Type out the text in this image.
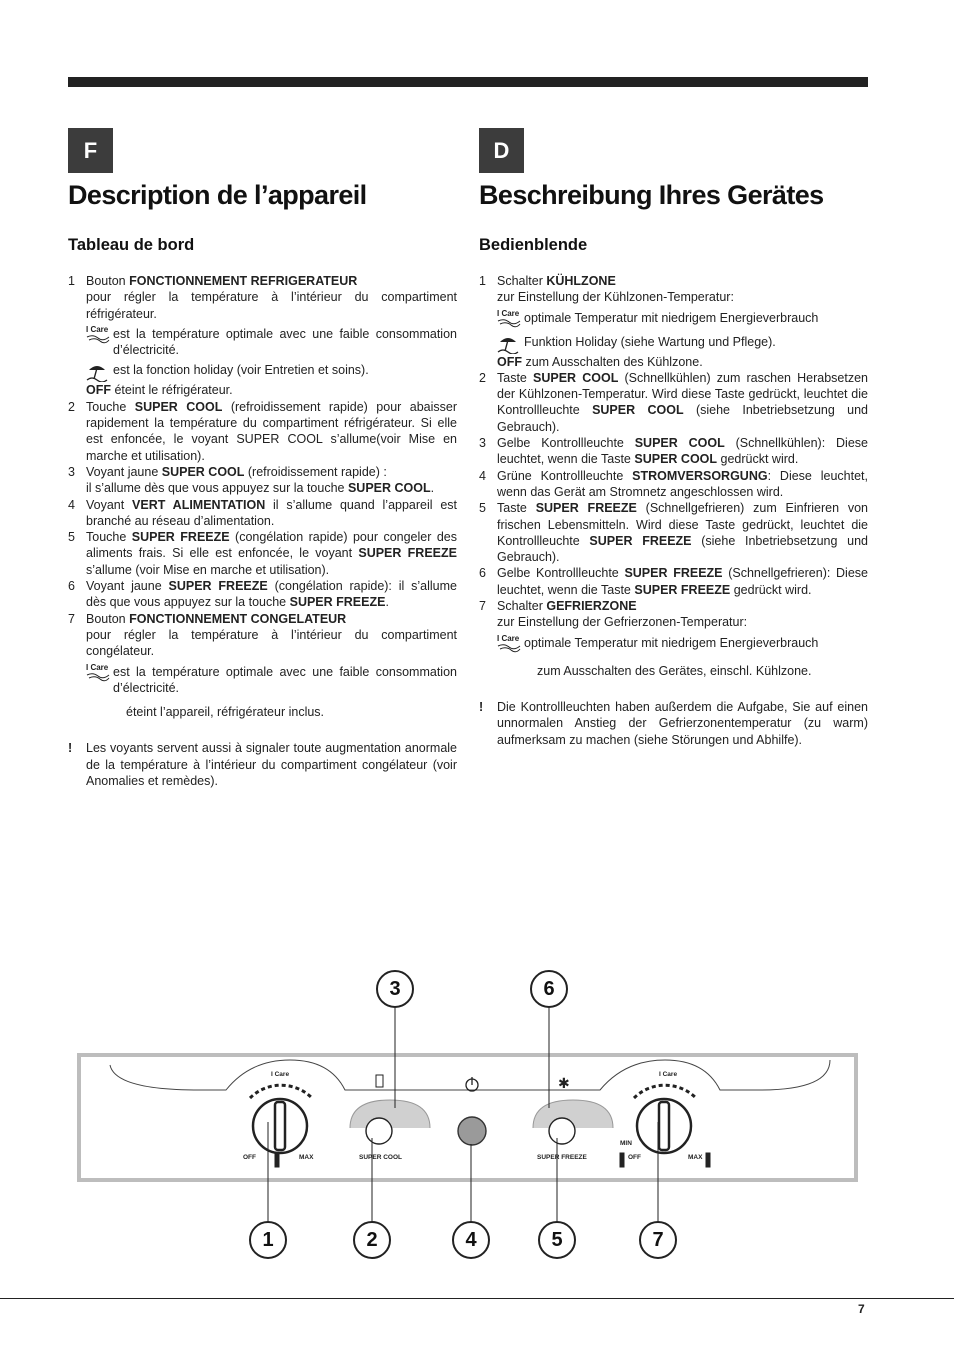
F
Description de l’appareil
Tableau de bord
D
Beschreibung Ihres Gerätes
Bedienblende
1 Bouton FONCTIONNEMENT REFRIGERATEUR
pour régler la température à l’intérieur du compartiment réfrigérateur.
I Care est la température optimale avec une faible consommation d’électricité.
est la fonction holiday (voir Entretien et soins).
OFF éteint le réfrigérateur.
2 Touche SUPER COOL (refroidissement rapide) pour abaisser rapidement la température du compartiment réfrigérateur. Si elle est enfoncée, le voyant SUPER COOL s’allume(voir Mise en marche et utilisation).
3 Voyant jaune SUPER COOL (refroidissement rapide) :
il s’allume dès que vous appuyez sur la touche SUPER COOL.
4 Voyant VERT ALIMENTATION il s’allume quand l’appareil est branché au réseau d’alimentation.
5 Touche SUPER FREEZE (congélation rapide) pour congeler des aliments frais. Si elle est enfoncée, le voyant SUPER FREEZE s’allume (voir Mise en marche et utilisation).
6 Voyant jaune SUPER FREEZE (congélation rapide): il s’allume dès que vous appuyez sur la touche SUPER FREEZE.
7 Bouton FONCTIONNEMENT CONGELATEUR
pour régler la température à l’intérieur du compartiment congélateur.
I Care est la température optimale avec une faible consommation d’électricité.
éteint l’appareil, réfrigérateur inclus.
! Les voyants servent aussi à signaler toute augmentation anormale de la température à l’intérieur du compartiment congélateur (voir Anomalies et remèdes).
1 Schalter KÜHLZONE
zur Einstellung der Kühlzonen-Temperatur:
I Care optimale Temperatur mit niedrigem Energieverbrauch
Funktion Holiday (siehe Wartung und Pflege).
OFF zum Ausschalten des Kühlzone.
2 Taste SUPER COOL (Schnellkühlen) zum raschen Herabsetzen der Kühlzonen-Temperatur. Wird diese Taste gedrückt, leuchtet die Kontrollleuchte SUPER COOL (siehe Inbetriebsetzung und Gebrauch).
3 Gelbe Kontrollleuchte SUPER COOL (Schnellkühlen): Diese leuchtet, wenn die Taste SUPER COOL gedrückt wird.
4 Grüne Kontrollleuchte STROMVERSORGUNG: Diese leuchtet, wenn das Gerät am Stromnetz angeschlossen wird.
5 Taste SUPER FREEZE (Schnellgefrieren) zum Einfrieren von frischen Lebensmitteln. Wird diese Taste gedrückt, leuchtet die Kontrollleuchte SUPER FREEZE (siehe Inbetriebsetzung und Gebrauch).
6 Gelbe Kontrollleuchte SUPER FREEZE (Schnellgefrieren): Diese leuchtet, wenn die Taste SUPER FREEZE gedrückt wird.
7 Schalter GEFRIERZONE
zur Einstellung der Gefrierzonen-Temperatur:
I Care optimale Temperatur mit niedrigem Energieverbrauch
zum Ausschalten des Gerätes, einschl. Kühlzone.
! Die Kontrollleuchten haben außerdem die Aufgabe, Sie auf einen unnormalen Anstieg der Gefrierzonentemperatur (zu warm) aufmerksam zu machen (siehe Störungen und Abhilfe).
✱
3	6
1	2	4	5	7
I Care	I Care
OFF	MAX	SUPER COOL	SUPER FREEZE
MIN
OFF	MAX
7
